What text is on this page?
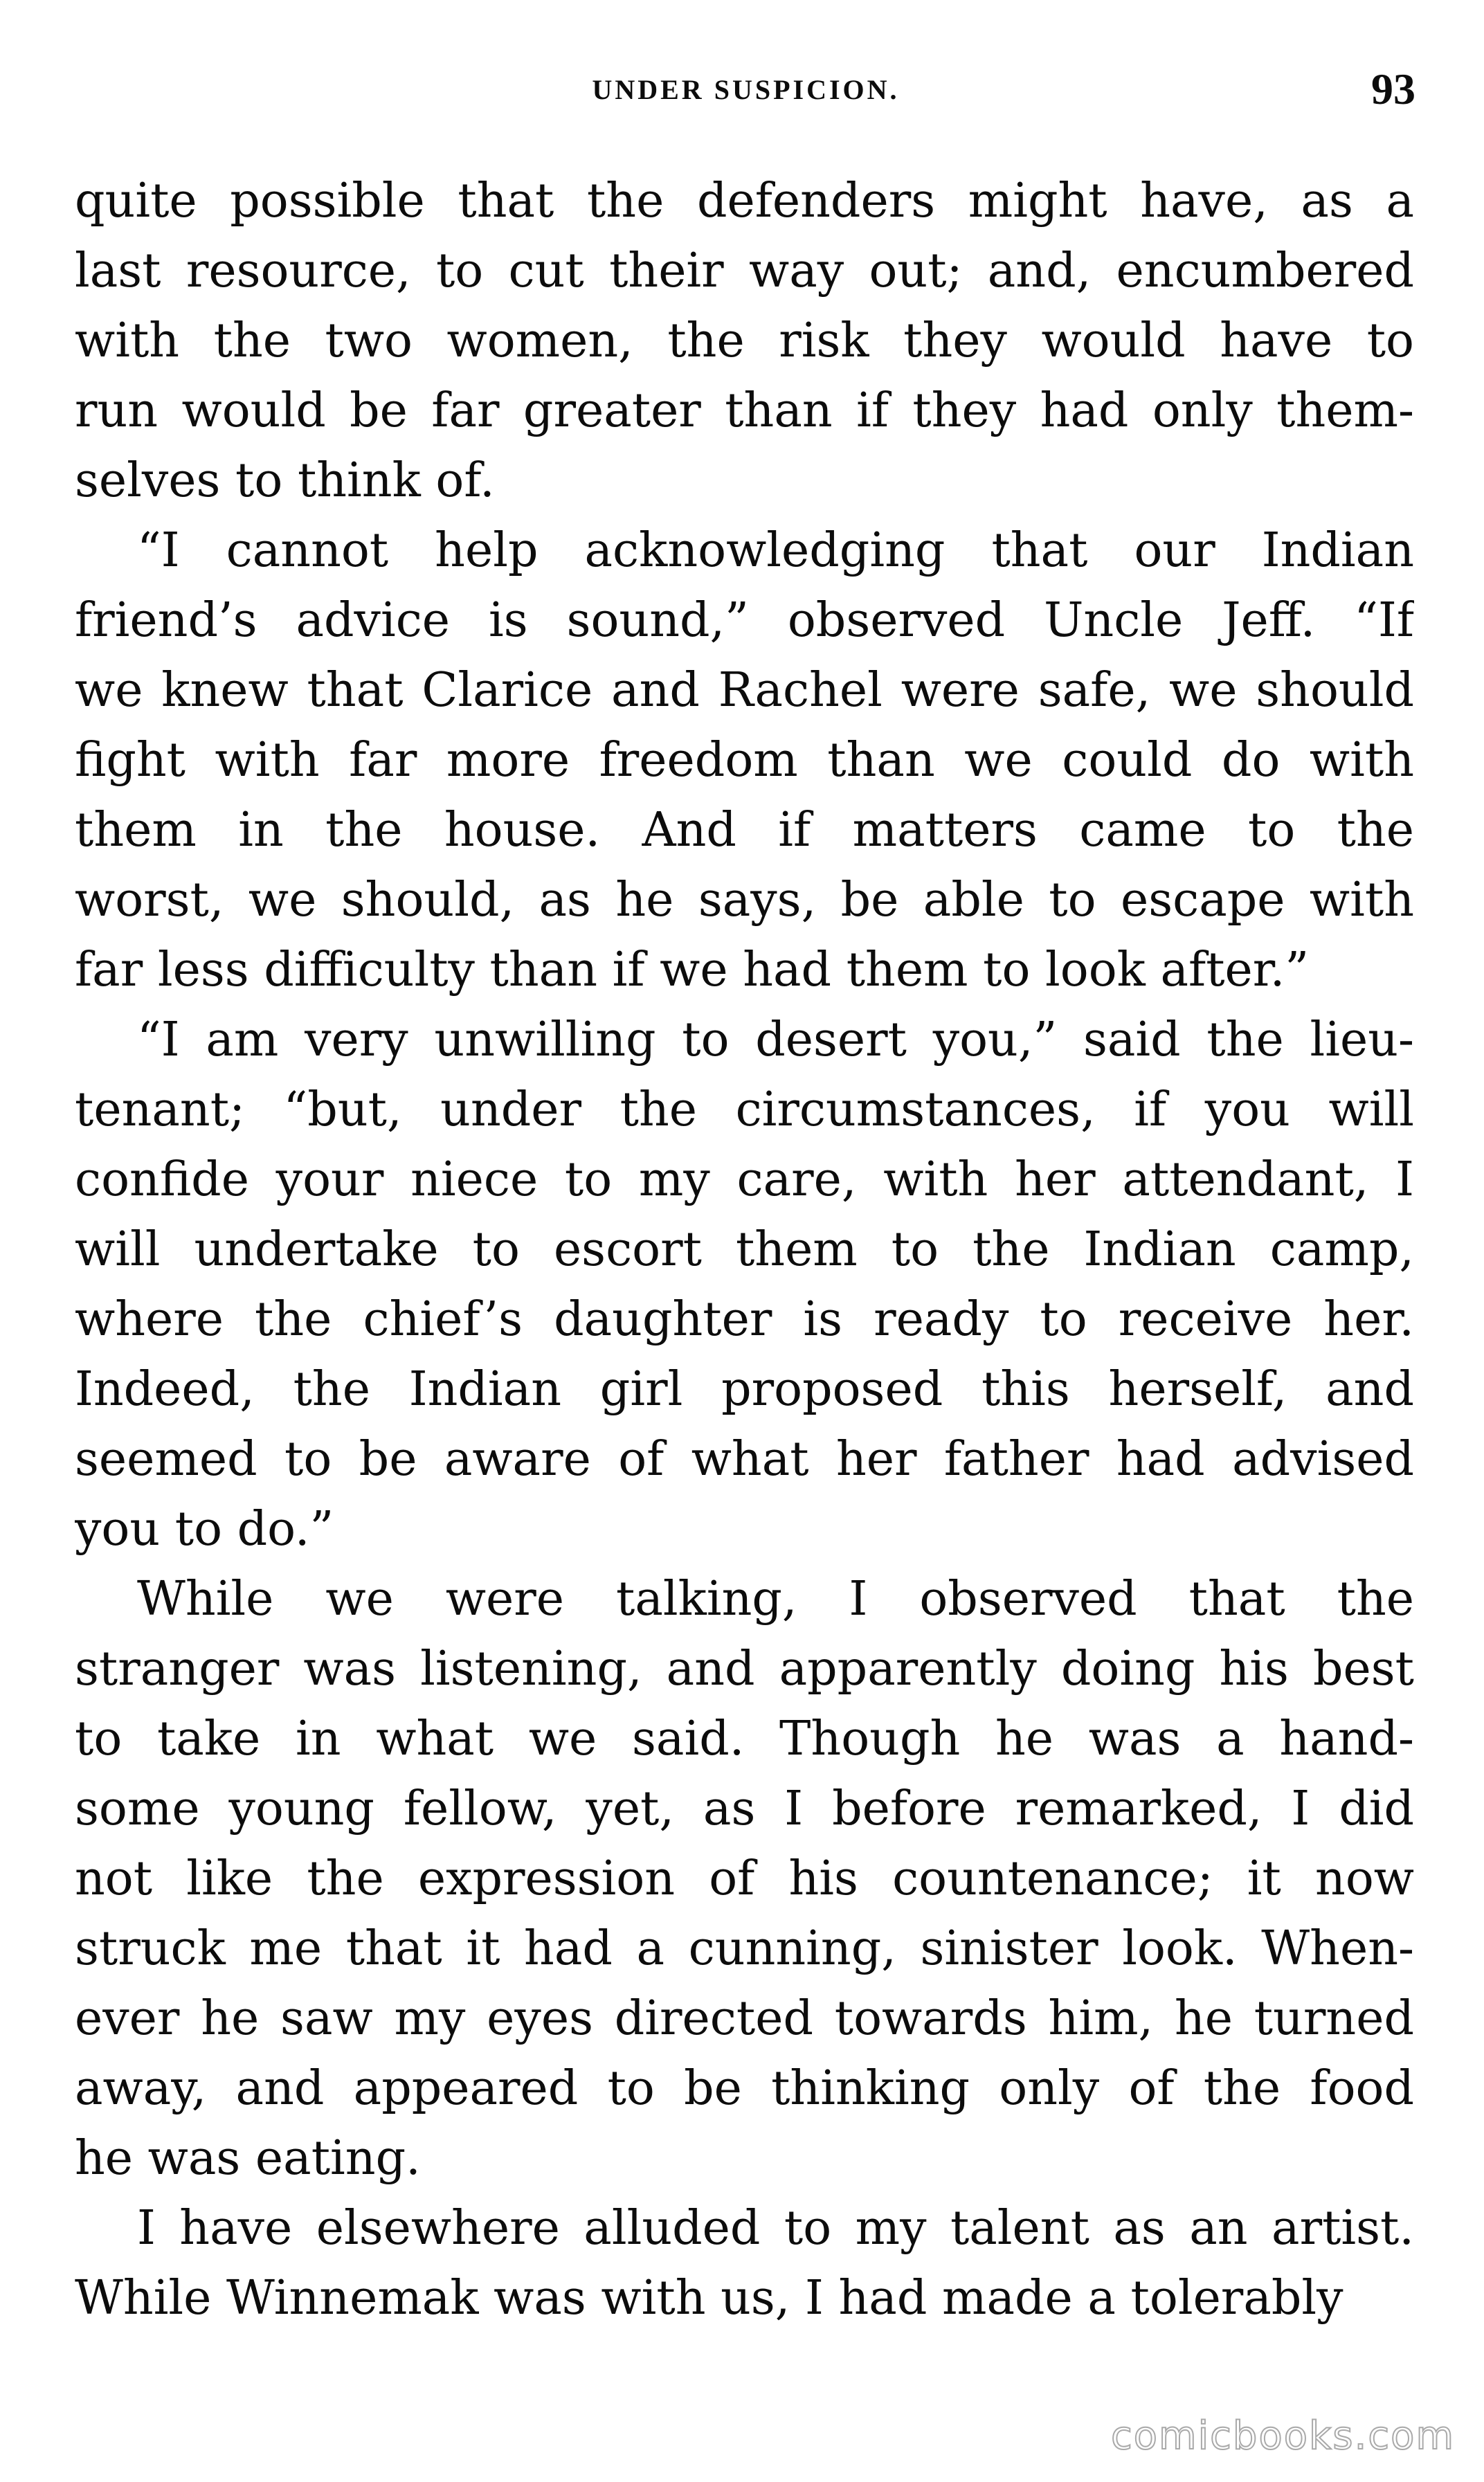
UNDER SUSPICION.	93
quite possible that the defenders might have, as a
last resource, to cut their way out; and, encumbered
with the two women, the risk they would have to
run would be far greater than if they had only them-
selves to think of.
“I cannot help acknowledging that our Indian
friend’s advice is sound,” observed Uncle Jeff. “If
we knew that Clarice and Rachel were safe, we should
fight with far more freedom than we could do with
them in the house. And if matters came to the
worst, we should, as he says, be able to escape with
far less difficulty than if we had them to look after.”
“I am very unwilling to desert you,” said the lieu-
tenant; “but, under the circumstances, if you will
confide your niece to my care, with her attendant, I
will undertake to escort them to the Indian camp,
where the chief’s daughter is ready to receive her.
Indeed, the Indian girl proposed this herself, and
seemed to be aware of what her father had advised
you to do.”
While we were talking, I observed that the
stranger was listening, and apparently doing his best
to take in what we said. Though he was a hand-
some young fellow, yet, as I before remarked, I did
not like the expression of his countenance; it now
struck me that it had a cunning, sinister look. When-
ever he saw my eyes directed towards him, he turned
away, and appeared to be thinking only of the food
he was eating.
I have elsewhere alluded to my talent as an artist.
While Winnemak was with us, I had made a tolerably
comicbooks.com
